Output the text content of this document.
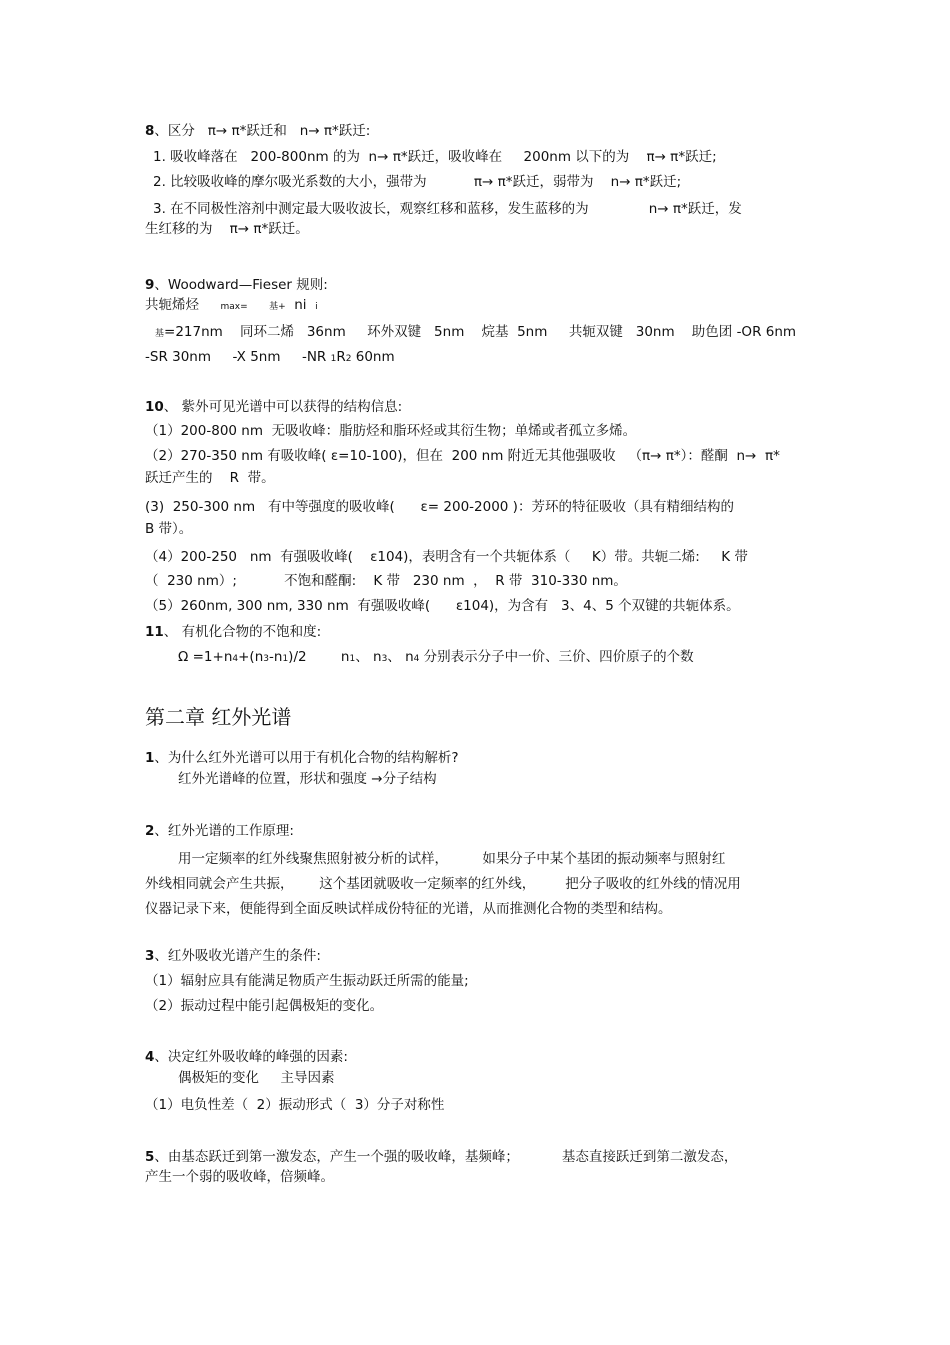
8、区分   π→ π*跃迁和   n→ π*跃迁:
1. 吸收峰落在   200-800nm 的为  n→ π*跃迁，吸收峰在     200nm 以下的为    π→ π*跃迁;
2. 比较吸收峰的摩尔吸光系数的大小，强带为           π→ π*跃迁，弱带为    n→ π*跃迁;
3. 在不同极性溶剂中测定最大吸收波长，观察红移和蓝移，发生蓝移的为              n→ π*跃迁，发
生红移的为    π→ π*跃迁。
9、Woodward—Fieser 规则:
共轭烯烃 max= 基+ ni i
基=217nm    同环二烯   36nm     环外双键   5nm    烷基  5nm     共轭双键   30nm    助色团 -OR 6nm
-SR 30nm     -X 5nm     -NR 1R2 60nm
10、 紫外可见光谱中可以获得的结构信息:
（1）200-800 nm  无吸收峰：脂肪烃和脂环烃或其衍生物；单烯或者孤立多烯。
（2）270-350 nm 有吸收峰( ε=10-100)，但在  200 nm 附近无其他强吸收   （π→ π*）：醛酮  n→  π*
跃迁产生的    R  带。
(3)  250-300 nm   有中等强度的吸收峰(      ε= 200-2000 )：芳环的特征吸收（具有精细结构的
B 带）。
（4）200-250   nm  有强吸收峰(    ε104)，表明含有一个共轭体系（     K）带。共轭二烯:     K 带
（  230 nm）;           不饱和醛酮:    K 带   230 nm  ，  R 带  310-330 nm。
（5）260nm, 300 nm, 330 nm  有强吸收峰(      ε104)，为含有   3、4、5 个双键的共轭体系。
11、 有机化合物的不饱和度:
Ω =1+n4+(n3-n1)/2        n1、 n3、 n4 分别表示分子中一价、三价、四价原子的个数
第二章 红外光谱
1、为什么红外光谱可以用于有机化合物的结构解析?
红外光谱峰的位置，形状和强度 →分子结构
2、红外光谱的工作原理:
用一定频率的红外线聚焦照射被分析的试样，        如果分子中某个基团的振动频率与照射红
外线相同就会产生共振，      这个基团就吸收一定频率的红外线，       把分子吸收的红外线的情况用
仪器记录下来，便能得到全面反映试样成份特征的光谱，从而推测化合物的类型和结构。
3、红外吸收光谱产生的条件:
（1）辐射应具有能满足物质产生振动跃迁所需的能量;
（2）振动过程中能引起偶极矩的变化。
4、决定红外吸收峰的峰强的因素:
偶极矩的变化     主导因素
（1）电负性差（  2）振动形式（  3）分子对称性
5、由基态跃迁到第一激发态，产生一个强的吸收峰，基频峰；          基态直接跃迁到第二激发态，
产生一个弱的吸收峰，倍频峰。
